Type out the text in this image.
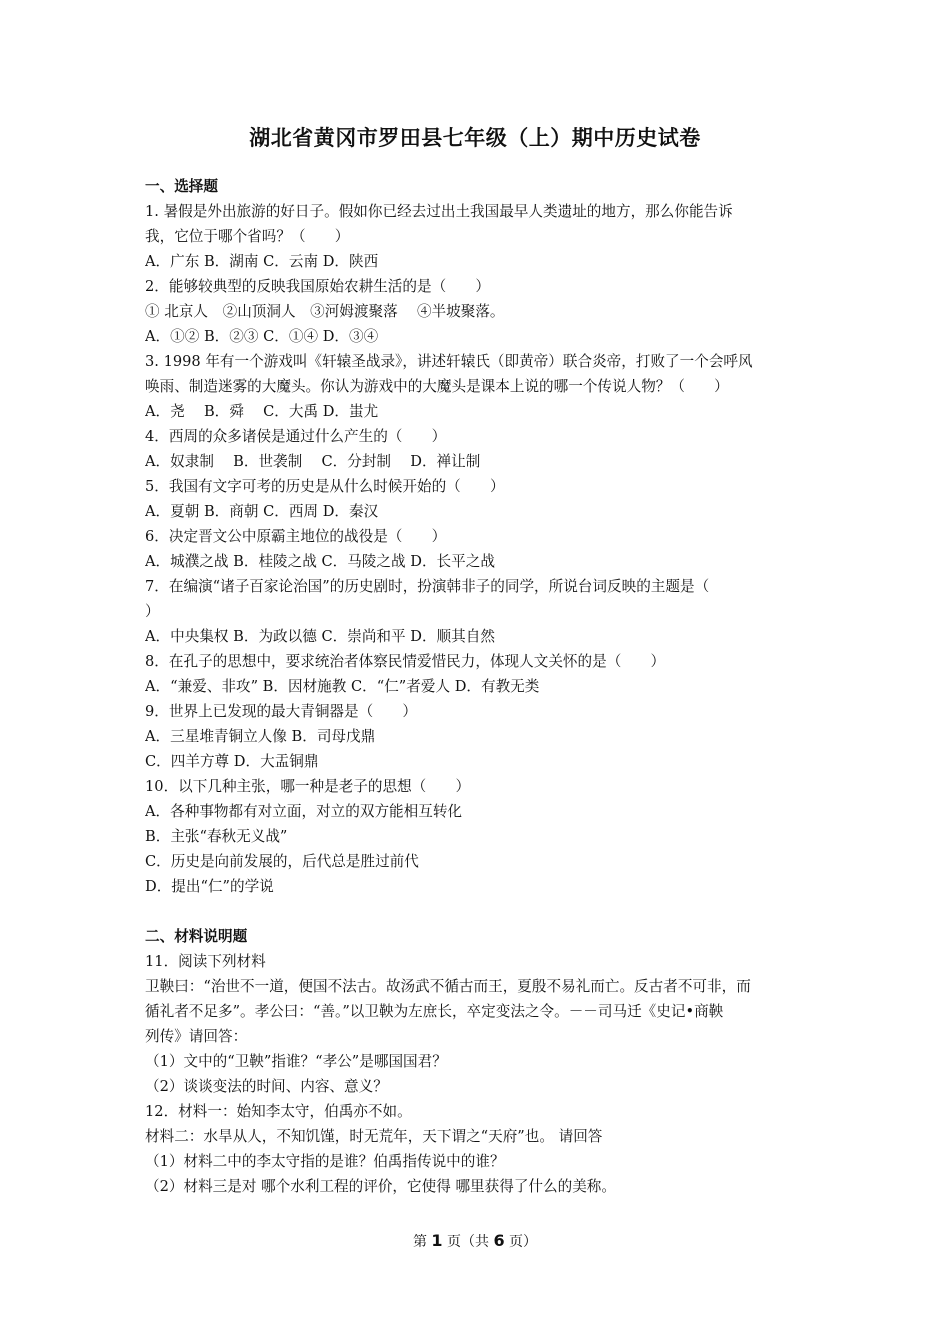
湖北省黄冈市罗田县七年级（上）期中历史试卷
一、选择题
1. 暑假是外出旅游的好日子。假如你已经去过出土我国最早人类遗址的地方，那么你能告诉
我，它位于哪个省吗？（　　）
A．广东 B．湖南 C．云南 D．陕西
2．能够较典型的反映我国原始农耕生活的是（　　）
① 北京人　②山顶洞人　③河姆渡聚落　 ④半坡聚落。
A．①② B．②③ C．①④ D．③④
3. 1998 年有一个游戏叫《轩辕圣战录》，讲述轩辕氏（即黄帝）联合炎帝，打败了一个会呼风
唤雨、制造迷雾的大魔头。你认为游戏中的大魔头是课本上说的哪一个传说人物？（　　）
A．尧　 B．舜　 C．大禹 D．蚩尤
4．西周的众多诸侯是通过什么产生的（　　）
A．奴隶制　 B．世袭制　 C．分封制　 D．禅让制
5．我国有文字可考的历史是从什么时候开始的（　　）
A．夏朝 B．商朝 C．西周 D．秦汉
6．决定晋文公中原霸主地位的战役是（　　）
A．城濮之战 B．桂陵之战 C．马陵之战 D．长平之战
7．在编演“诸子百家论治国”的历史剧时，扮演韩非子的同学，所说台词反映的主题是（
）
A．中央集权 B．为政以德 C．崇尚和平 D．顺其自然
8．在孔子的思想中，要求统治者体察民情爱惜民力，体现人文关怀的是（　　）
A．“兼爱、非攻” B．因材施教 C．“仁”者爱人 D．有教无类
9．世界上已发现的最大青铜器是（　　）
A．三星堆青铜立人像 B．司母戊鼎
C．四羊方尊 D．大盂铜鼎
10．以下几种主张，哪一种是老子的思想（　　）
A．各种事物都有对立面，对立的双方能相互转化
B．主张“春秋无义战”
C．历史是向前发展的，后代总是胜过前代
D．提出“仁”的学说
二、材料说明题
11．阅读下列材料
卫鞅曰：“治世不一道，便国不法古。故汤武不循古而王，夏殷不易礼而亡。反古者不可非，而
循礼者不足多”。孝公曰：“善。”以卫鞅为左庶长，卒定变法之令。－－司马迁《史记•商鞅
列传》请回答：
（1）文中的“卫鞅”指谁？“孝公”是哪国国君？
（2）谈谈变法的时间、内容、意义？
12．材料一：始知李太守，伯禹亦不如。
材料二：水旱从人，不知饥馑，时无荒年，天下谓之“天府”也。 请回答
（1）材料二中的李太守指的是谁？伯禹指传说中的谁？
（2）材料三是对 哪个水利工程的评价，它使得 哪里获得了什么的美称。
第 1 页（共 6 页）
